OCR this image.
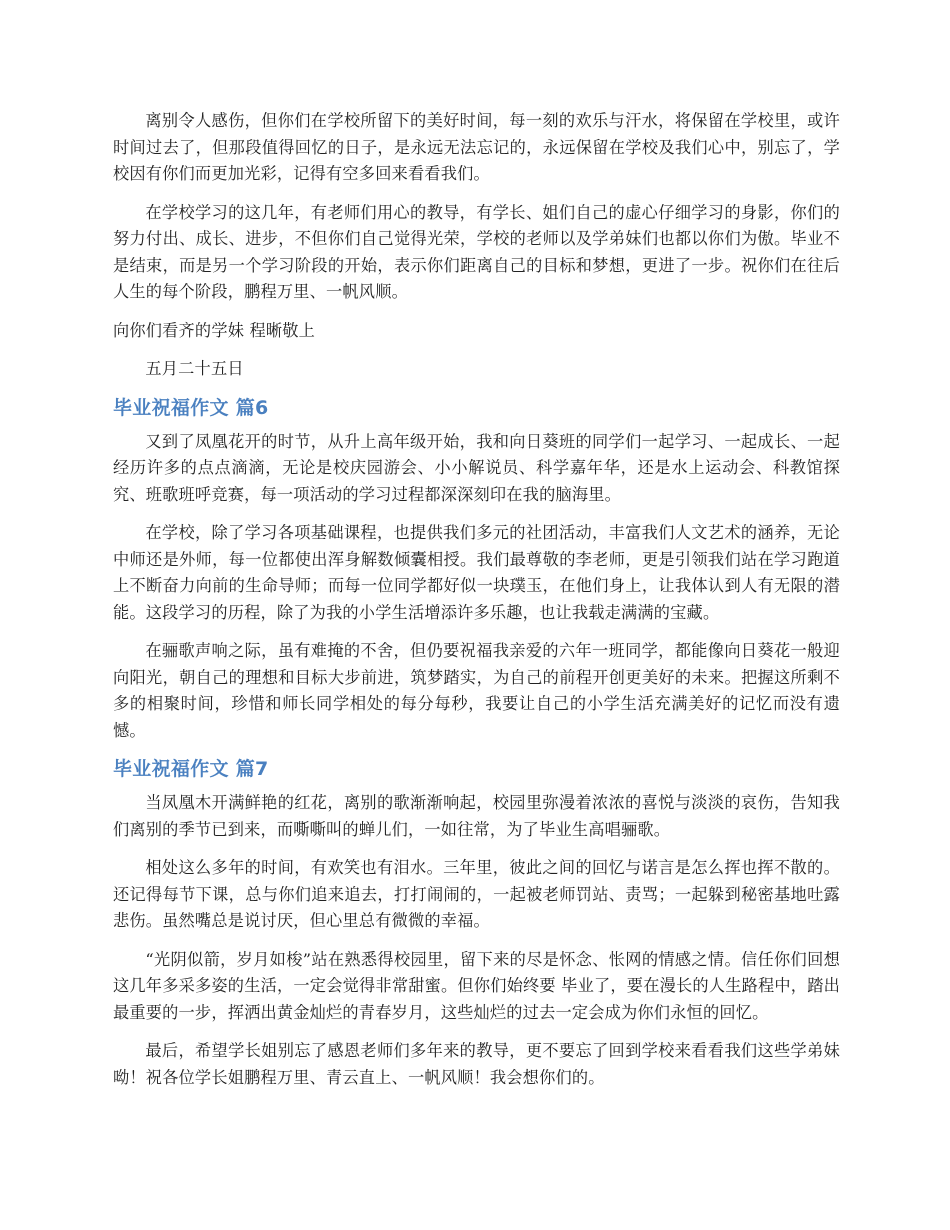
离别令人感伤，但你们在学校所留下的美好时间，每一刻的欢乐与汗水，将保留在学校里，或许时间过去了，但那段值得回忆的日子，是永远无法忘记的，永远保留在学校及我们心中，别忘了，学校因有你们而更加光彩，记得有空多回来看看我们。

在学校学习的这几年，有老师们用心的教导，有学长、姐们自己的虚心仔细学习的身影，你们的努力付出、成长、进步，不但你们自己觉得光荣，学校的老师以及学弟妹们也都以你们为傲。毕业不是结束，而是另一个学习阶段的开始，表示你们距离自己的目标和梦想，更进了一步。祝你们在往后人生的每个阶段，鹏程万里、一帆风顺。

向你们看齐的学妹 程晰敬上

五月二十五日

毕业祝福作文 篇6

又到了凤凰花开的时节，从升上高年级开始，我和向日葵班的同学们一起学习、一起成长、一起经历许多的点点滴滴，无论是校庆园游会、小小解说员、科学嘉年华，还是水上运动会、科教馆探究、班歌班呼竞赛，每一项活动的学习过程都深深刻印在我的脑海里。

在学校，除了学习各项基础课程，也提供我们多元的社团活动，丰富我们人文艺术的涵养，无论中师还是外师，每一位都使出浑身解数倾囊相授。我们最尊敬的李老师，更是引领我们站在学习跑道上不断奋力向前的生命导师；而每一位同学都好似一块璞玉，在他们身上，让我体认到人有无限的潜能。这段学习的历程，除了为我的小学生活增添许多乐趣，也让我载走满满的宝藏。

在骊歌声响之际，虽有难掩的不舍，但仍要祝福我亲爱的六年一班同学，都能像向日葵花一般迎向阳光，朝自己的理想和目标大步前进，筑梦踏实，为自己的前程开创更美好的未来。把握这所剩不多的相聚时间，珍惜和师长同学相处的每分每秒，我要让自己的小学生活充满美好的记忆而没有遗憾。

毕业祝福作文 篇7

当凤凰木开满鲜艳的红花，离别的歌渐渐响起，校园里弥漫着浓浓的喜悦与淡淡的哀伤，告知我们离别的季节已到来，而嘶嘶叫的蝉儿们，一如往常，为了毕业生高唱骊歌。

相处这么多年的时间，有欢笑也有泪水。三年里，彼此之间的回忆与诺言是怎么挥也挥不散的。还记得每节下课，总与你们追来追去，打打闹闹的，一起被老师罚站、责骂；一起躲到秘密基地吐露悲伤。虽然嘴总是说讨厌，但心里总有微微的幸福。

“光阴似箭，岁月如梭”站在熟悉得校园里，留下来的尽是怀念、怅网的情感之情。信任你们回想这几年多采多姿的生活，一定会觉得非常甜蜜。但你们始终要 毕业了，要在漫长的人生路程中，踏出最重要的一步，挥洒出黄金灿烂的青春岁月，这些灿烂的过去一定会成为你们永恒的回忆。

最后，希望学长姐别忘了感恩老师们多年来的教导，更不要忘了回到学校来看看我们这些学弟妹呦！祝各位学长姐鹏程万里、青云直上、一帆风顺！我会想你们的。
